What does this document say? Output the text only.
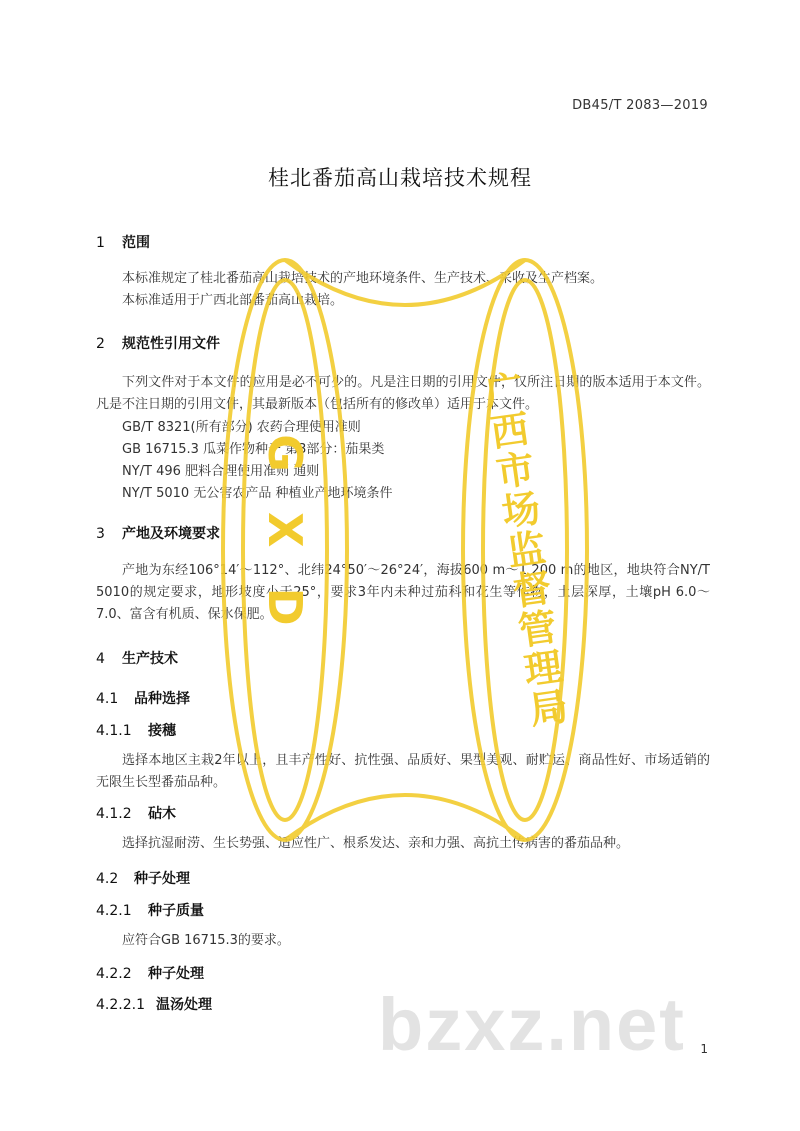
DB45/T 2083—2019
桂北番茄高山栽培技术规程
1 范围
本标准规定了桂北番茄高山栽培技术的产地环境条件、生产技术、采收及生产档案。
本标准适用于广西北部番茄高山栽培。
2 规范性引用文件
下列文件对于本文件的应用是必不可少的。凡是注日期的引用文件，仅所注日期的版本适用于本文件。凡是不注日期的引用文件，其最新版本（包括所有的修改单）适用于本文件。
GB/T 8321(所有部分) 农药合理使用准则
GB 16715.3 瓜菜作物种子 第3部分：茄果类
NY/T 496 肥料合理使用准则 通则
NY/T 5010 无公害农产品 种植业产地环境条件
3 产地及环境要求
产地为东经106°14′～112°、北纬24°50′～26°24′，海拔600 m～1 200 m的地区，地块符合NY/T 5010的规定要求，地形坡度小于25°，要求3年内未种过茄科和花生等作物，土层深厚，土壤pH 6.0～7.0、富含有机质、保水保肥。
4 生产技术
4.1 品种选择
4.1.1 接穗
选择本地区主栽2年以上，且丰产性好、抗性强、品质好、果型美观、耐贮运、商品性好、市场适销的无限生长型番茄品种。
4.1.2 砧木
选择抗湿耐涝、生长势强、适应性广、根系发达、亲和力强、高抗土传病害的番茄品种。
4.2 种子处理
4.2.1 种子质量
应符合GB 16715.3的要求。
4.2.2 种子处理
4.2.2.1 温汤处理
1
GXD	广西市场监督管理局
bzxz.net
